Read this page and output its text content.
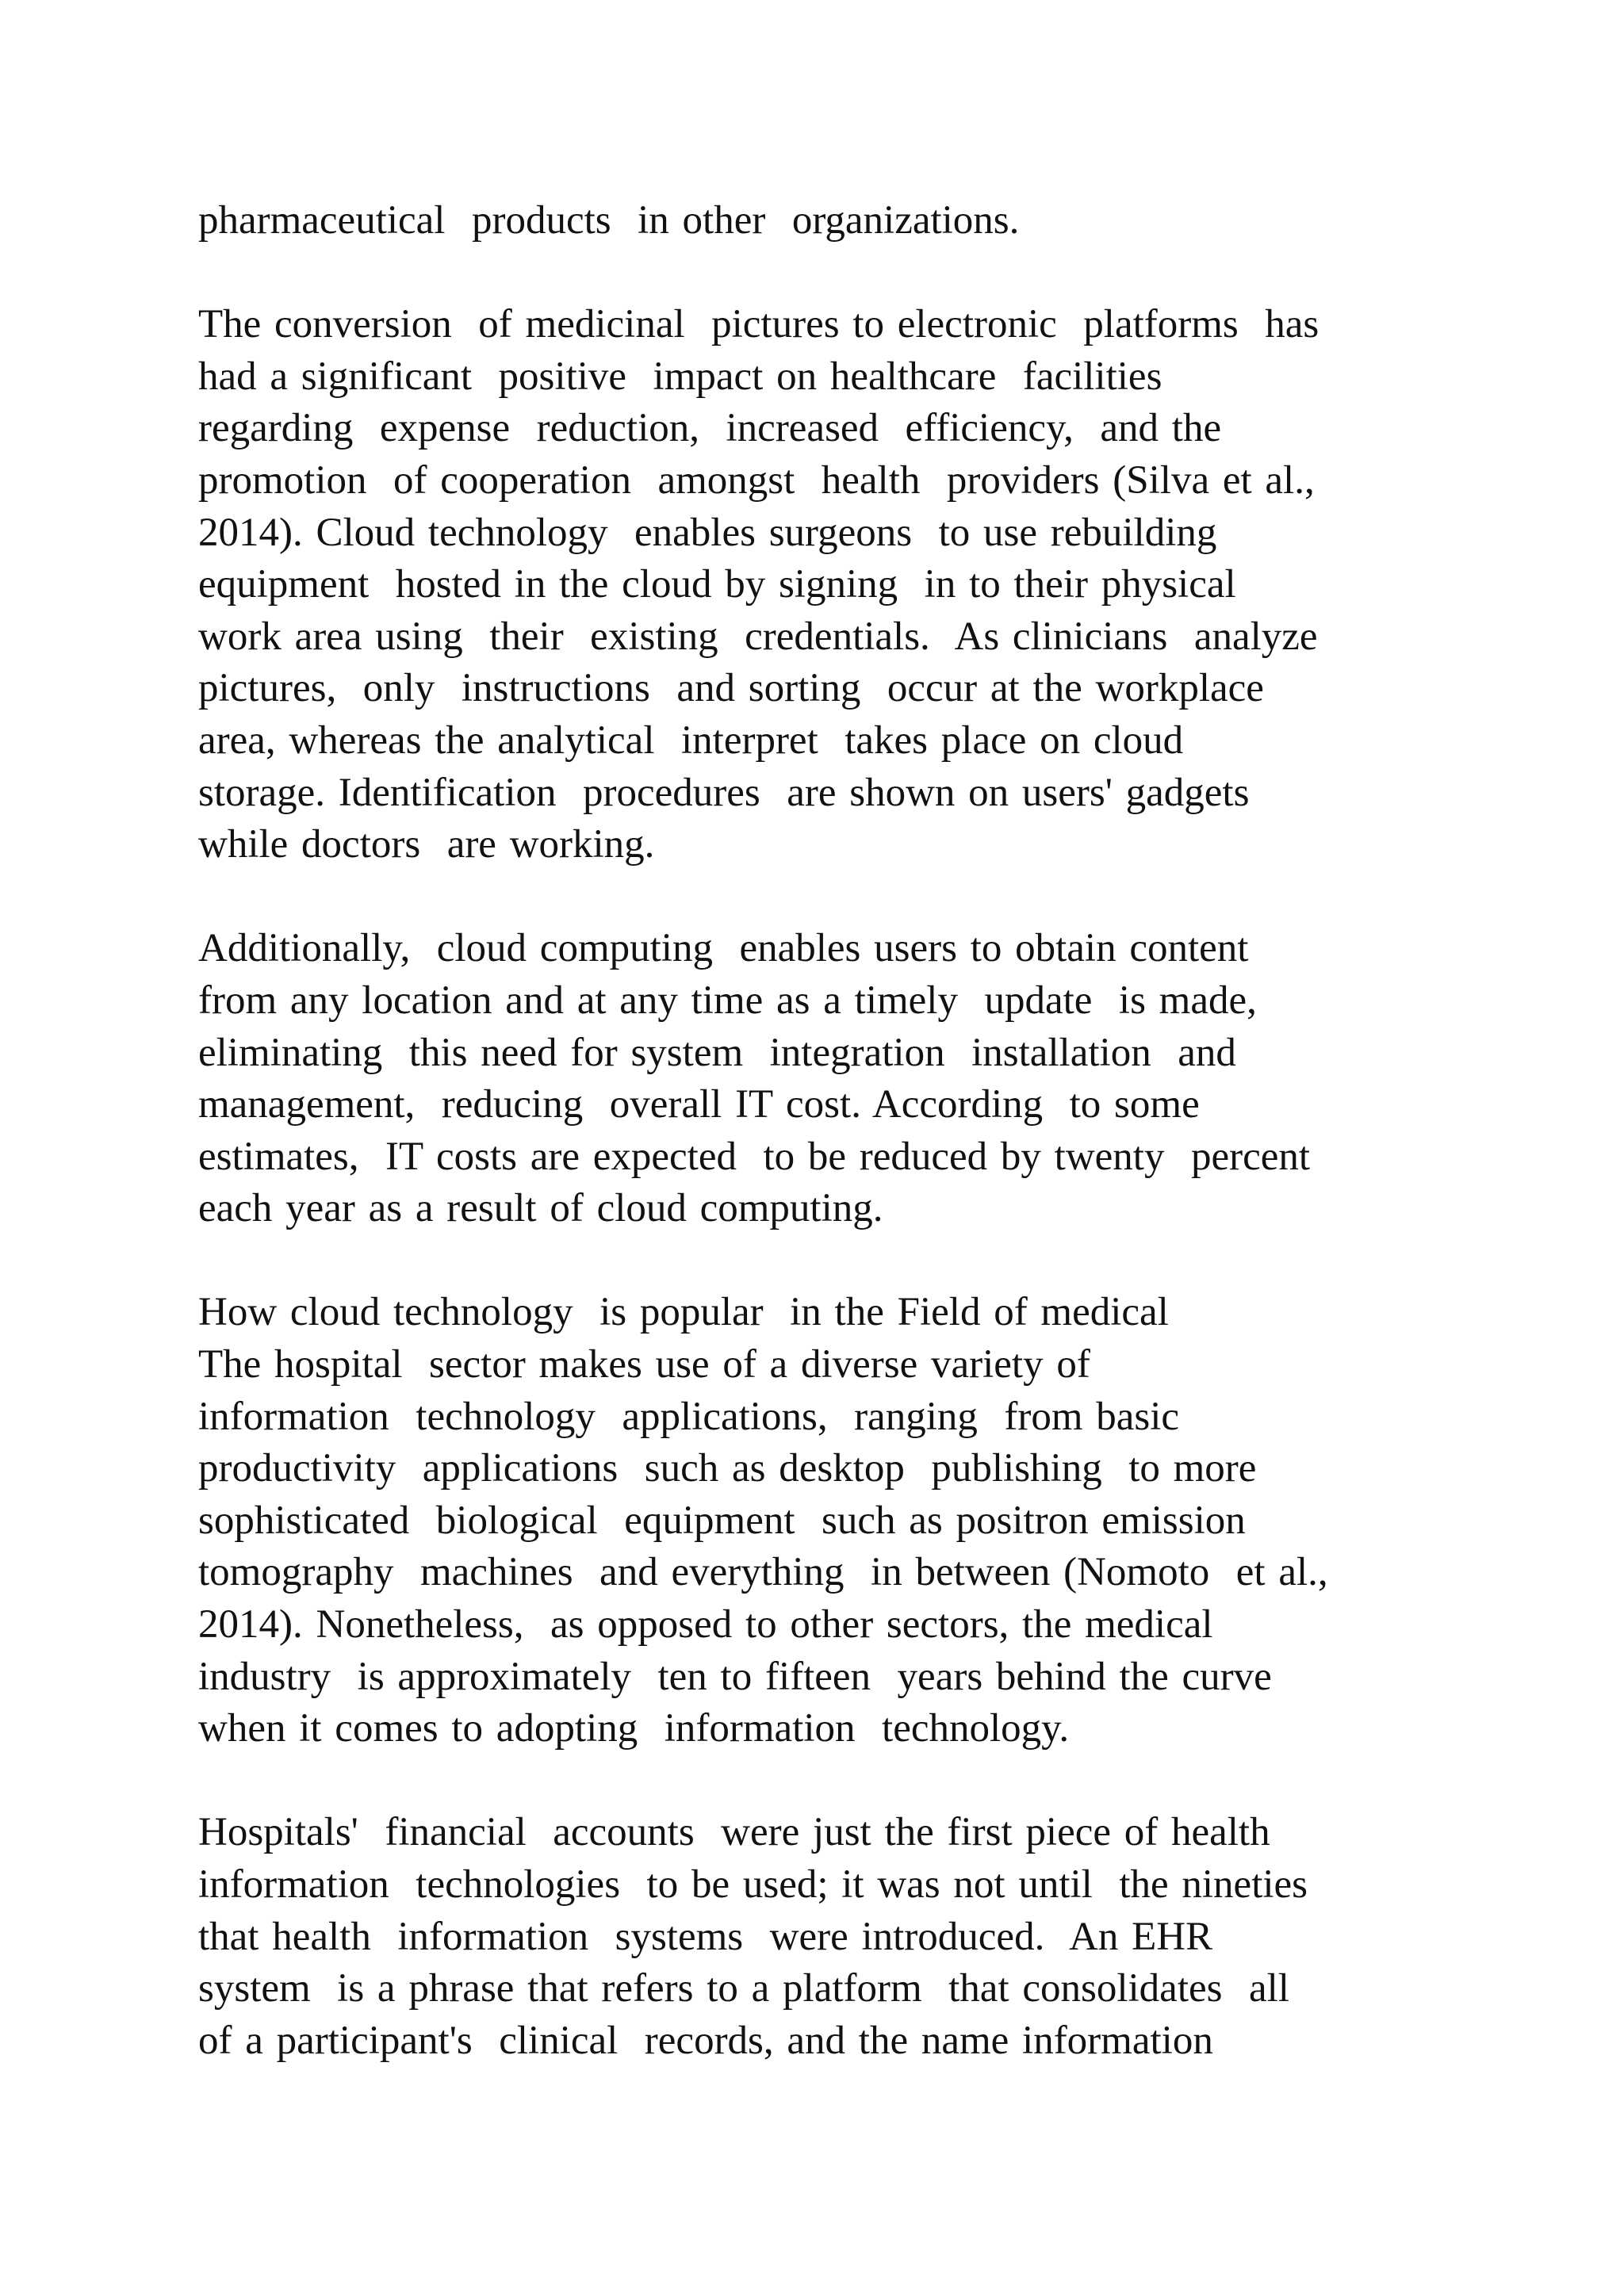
pharmaceutical  products  in other  organizations.
The conversion  of medicinal  pictures to electronic  platforms  has
had a significant  positive  impact on healthcare  facilities
regarding  expense  reduction,  increased  efficiency,  and the
promotion  of cooperation  amongst  health  providers (Silva et al.,
2014). Cloud technology  enables surgeons  to use rebuilding
equipment  hosted in the cloud by signing  in to their physical
work area using  their  existing  credentials.  As clinicians  analyze
pictures,  only  instructions  and sorting  occur at the workplace
area, whereas the analytical  interpret  takes place on cloud
storage. Identification  procedures  are shown on users' gadgets
while doctors  are working.
Additionally,  cloud computing  enables users to obtain content
from any location and at any time as a timely  update  is made,
eliminating  this need for system  integration  installation  and
management,  reducing  overall IT cost. According  to some
estimates,  IT costs are expected  to be reduced by twenty  percent
each year as a result of cloud computing.
How cloud technology  is popular  in the Field of medical
The hospital  sector makes use of a diverse variety of
information  technology  applications,  ranging  from basic
productivity  applications  such as desktop  publishing  to more
sophisticated  biological  equipment  such as positron emission
tomography  machines  and everything  in between (Nomoto  et al.,
2014). Nonetheless,  as opposed to other sectors, the medical
industry  is approximately  ten to fifteen  years behind the curve
when it comes to adopting  information  technology.
Hospitals'  financial  accounts  were just the first piece of health
information  technologies  to be used; it was not until  the nineties
that health  information  systems  were introduced.  An EHR
system  is a phrase that refers to a platform  that consolidates  all
of a participant's  clinical  records, and the name information
